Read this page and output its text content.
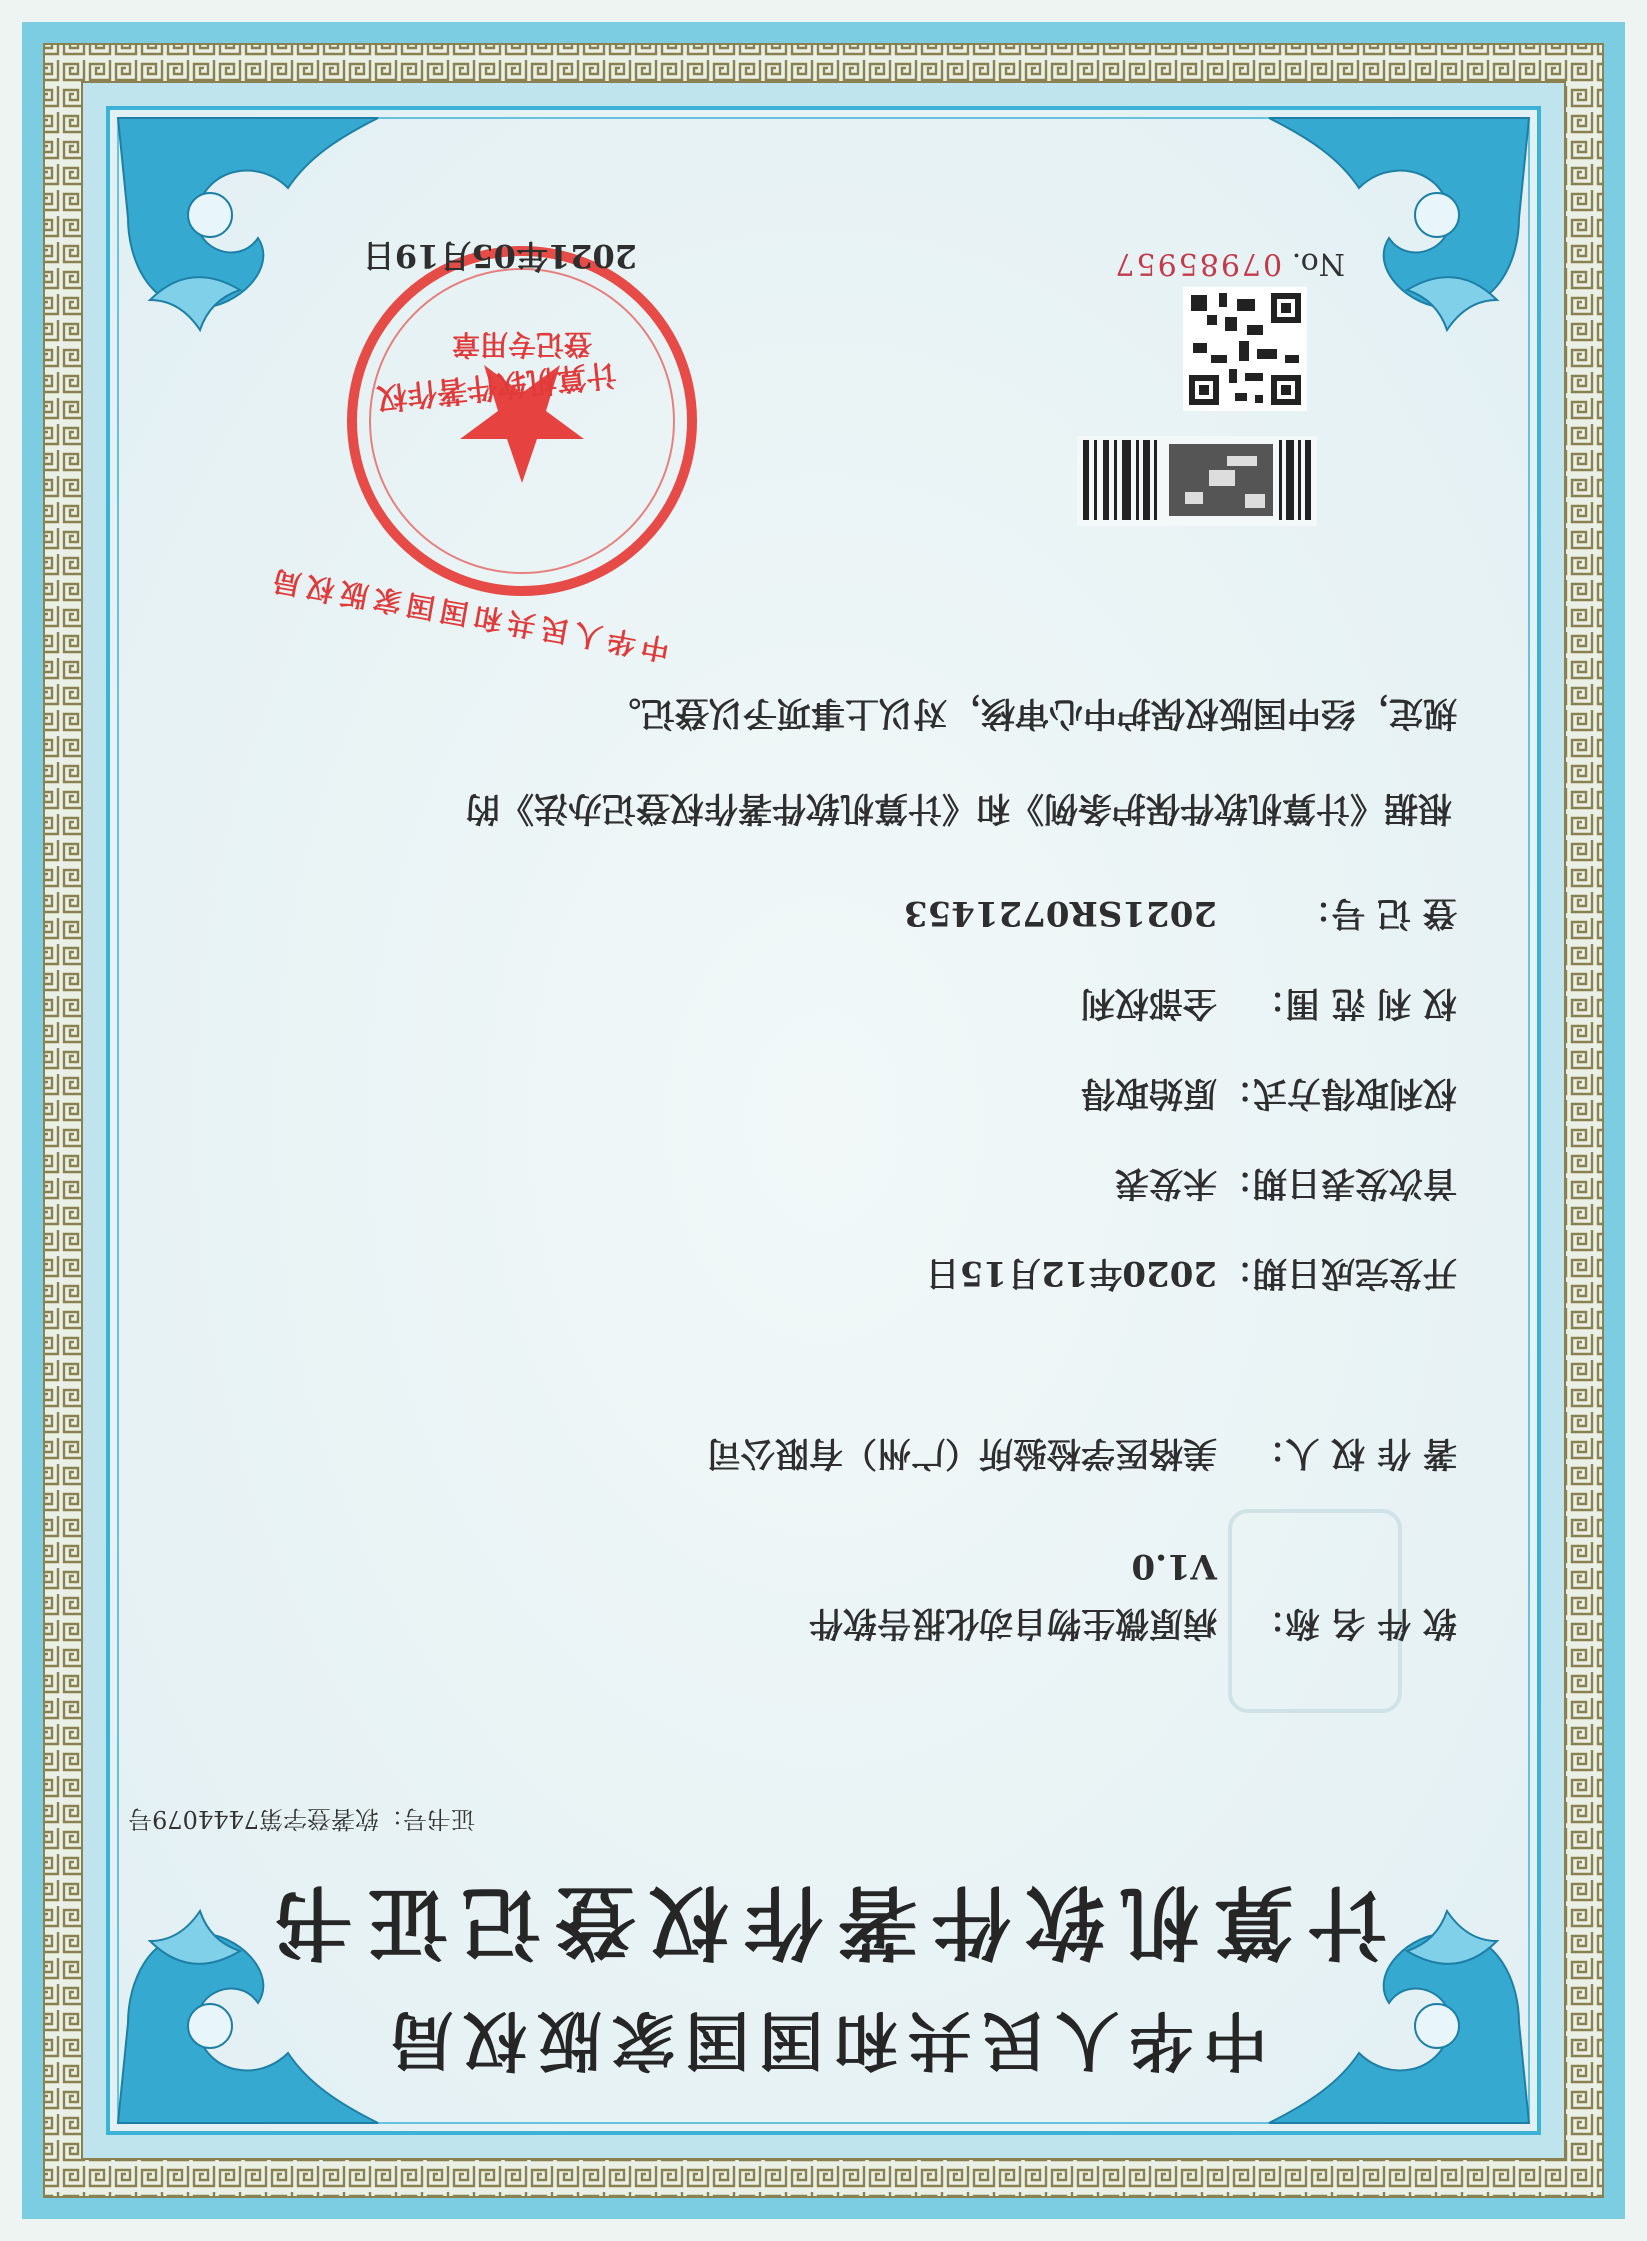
中华人民共和国国家版权局
计算机软件著作权登记证书
证书号：软著登字第7444079号
软 件 名 称：病原微生物自动化报告软件
V1.0
著 作 权 人：美格医学检验所（广州）有限公司
开发完成日期：2020年12月15日
首次发表日期：未发表
权利取得方式：原始取得
权 利 范 围：全部权利
登 记 号：2021SR0721453
根据《计算机软件保护条例》和《计算机软件著作权登记办法》的
规定，经中国版权保护中心审核，对以上事项予以登记。
No. 07985957
计算机软件著作权
登记专用章
中华人民共和国国家版权局
2021年05月19日
